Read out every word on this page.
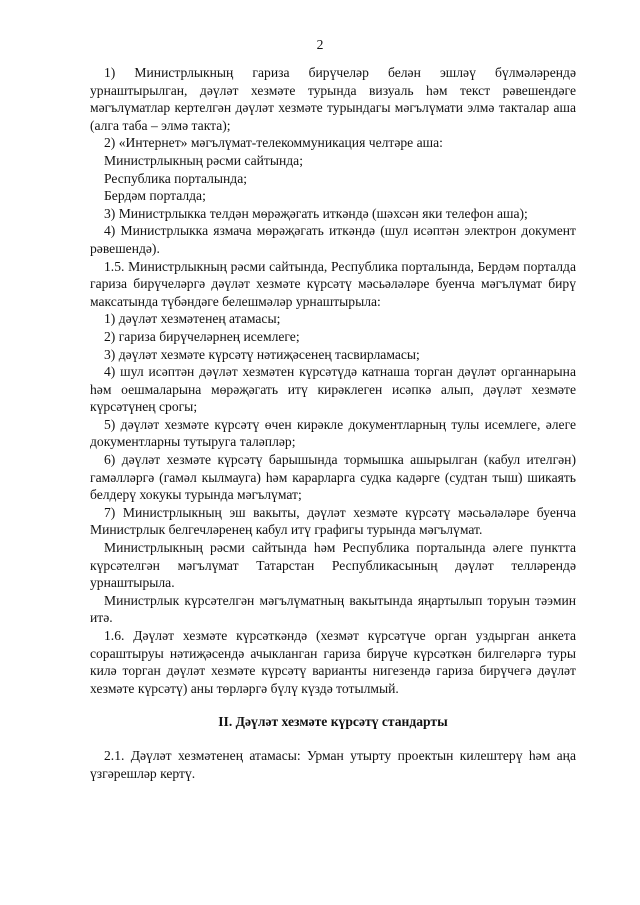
2

1) Министрлыкның гариза бирүчеләр белән эшләү бүлмәләрендә урнаштырылган, дәүләт хезмәте турында визуаль һәм текст рәвешендәге мәгълүматлар кертелгән дәүләт хезмәте турындагы мәгълүмати элмә такталар аша (алга таба – элмә такта);

2) «Интернет» мәгълүмат-телекоммуникация челтәре аша:

Министрлыкның рәсми сайтында;

Республика порталында;

Бердәм порталда;

3) Министрлыкка телдән мөрәҗәгать иткәндә (шәхсән яки телефон аша);

4) Министрлыкка язмача мөрәҗәгать иткәндә (шул исәптән электрон документ рәвешендә).

1.5. Министрлыкның рәсми сайтында, Республика порталында, Бердәм порталда гариза бирүчеләргә дәүләт хезмәте күрсәтү мәсьәләләре буенча мәгълүмат бирү максатында түбәндәге белешмәләр урнаштырыла:

1) дәүләт хезмәтенең атамасы;

2) гариза бирүчеләрнең исемлеге;

3) дәүләт хезмәте күрсәтү нәтиҗәсенең тасвирламасы;

4) шул исәптән дәүләт хезмәтен күрсәтүдә катнаша торган дәүләт органнарына һәм оешмаларына мөрәҗәгать итү кирәклеген исәпкә алып, дәүләт хезмәте күрсәтүнең срогы;

5) дәүләт хезмәте күрсәтү өчен кирәкле документларның тулы исемлеге, әлеге документларны тутыруга таләпләр;

6) дәүләт хезмәте күрсәтү барышында тормышка ашырылган (кабул ителгән) гамәлләргә (гамәл кылмауга) һәм карарларга судка кадәрге (судтан тыш) шикаять белдерү хокукы турында мәгълүмат;

7) Министрлыкның эш вакыты, дәүләт хезмәте күрсәтү мәсьәләләре буенча Министрлык белгечләренең кабул итү графигы турында мәгълүмат.

Министрлыкның рәсми сайтында һәм Республика порталында әлеге пунктта күрсәтелгән мәгълүмат Татарстан Республикасының дәүләт телләрендә урнаштырыла.

Министрлык күрсәтелгән мәгълүматның вакытында яңартылып торуын тәэмин итә.

1.6. Дәүләт хезмәте күрсәткәндә (хезмәт күрсәтүче орган уздырган анкета сораштыруы нәтиҗәсендә ачыкланган гариза бирүче күрсәткән билгеләргә туры килә торган дәүләт хезмәте күрсәтү варианты нигезендә гариза бирүчегә дәүләт хезмәте күрсәтү) аны төрләргә бүлү күздә тотылмый.

II. Дәүләт хезмәте күрсәтү стандарты

2.1. Дәүләт хезмәтенең атамасы: Урман утырту проектын килештерү һәм аңа үзгәрешләр кертү.
